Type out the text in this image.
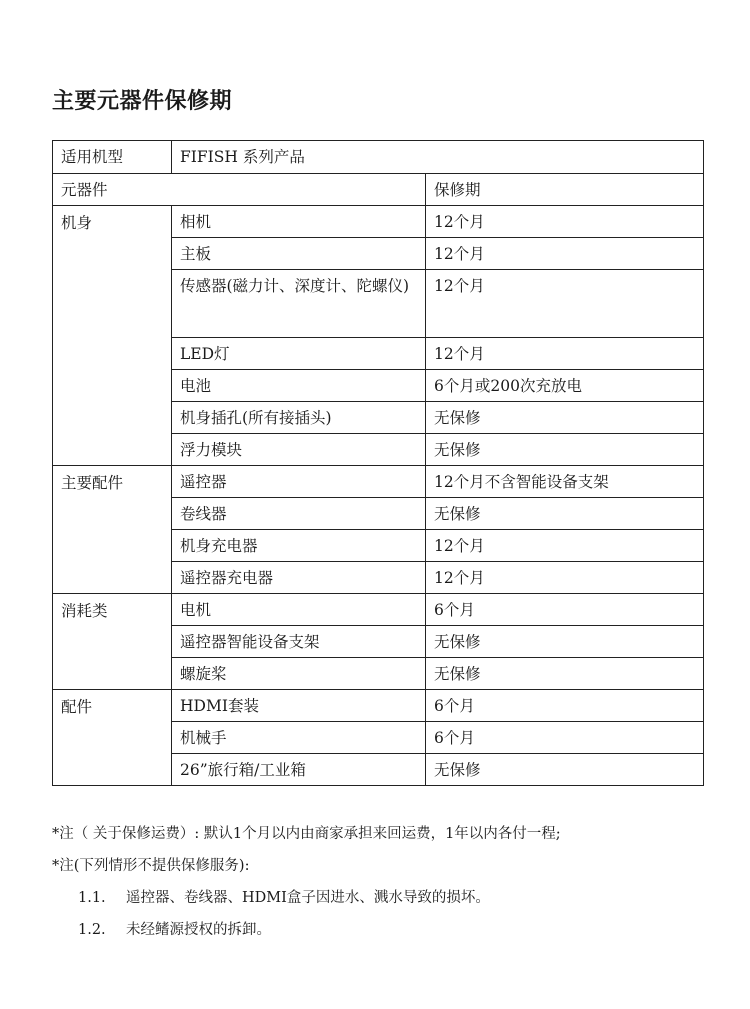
主要元器件保修期
适用机型	FIFISH 系列产品	
元器件		保修期
机身	相机	12个月
	主板	12个月
	传感器(磁力计、深度计、陀螺仪)	12个月
	LED灯	12个月
	电池	6个月或200次充放电
	机身插孔(所有接插头)	无保修
	浮力模块	无保修
主要配件	遥控器	12个月不含智能设备支架
	卷线器	无保修
	机身充电器	12个月
	遥控器充电器	12个月
消耗类	电机	6个月
	遥控器智能设备支架	无保修
	螺旋桨	无保修
配件	HDMI套装	6个月
	机械手	6个月
	26”旅行箱/工业箱	无保修
*注（ 关于保修运费）: 默认1个月以内由商家承担来回运费，1年以内各付一程;
*注(下列情形不提供保修服务):
1.1. 遥控器、卷线器、HDMI盒子因进水、溅水导致的损坏。
1.2. 未经鳍源授权的拆卸。
